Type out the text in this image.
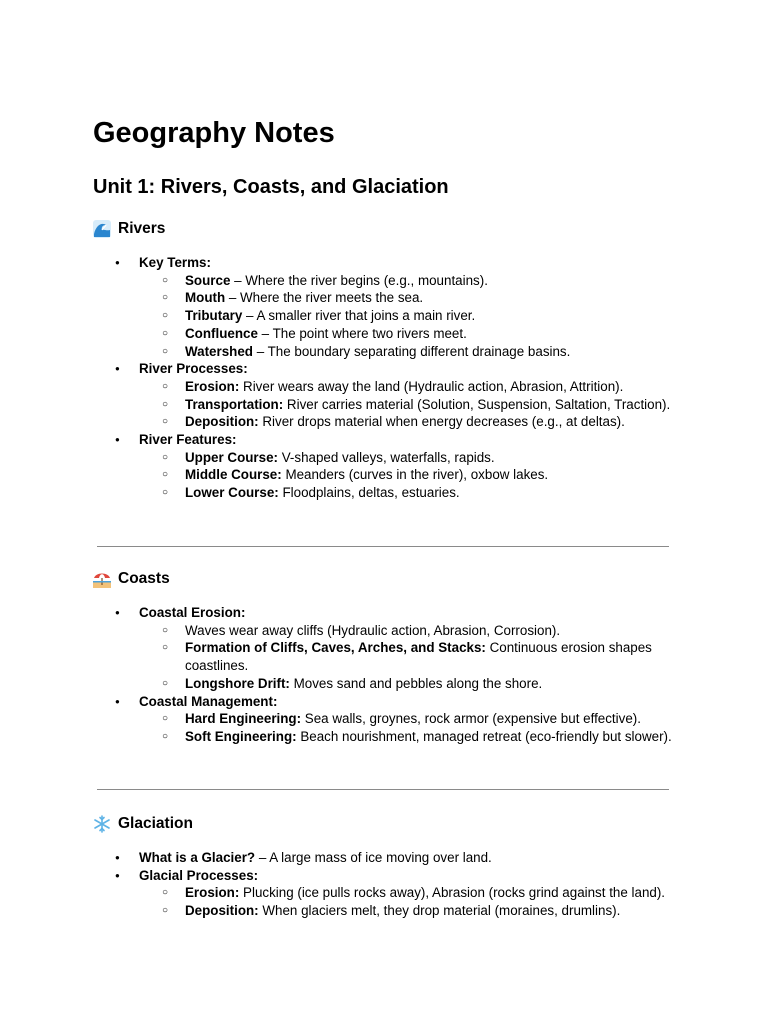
Geography Notes
Unit 1: Rivers, Coasts, and Glaciation
Rivers
● Key Terms:
○ Source – Where the river begins (e.g., mountains).
○ Mouth – Where the river meets the sea.
○ Tributary – A smaller river that joins a main river.
○ Confluence – The point where two rivers meet.
○ Watershed – The boundary separating different drainage basins.
● River Processes:
○ Erosion: River wears away the land (Hydraulic action, Abrasion, Attrition).
○ Transportation: River carries material (Solution, Suspension, Saltation, Traction).
○ Deposition: River drops material when energy decreases (e.g., at deltas).
● River Features:
○ Upper Course: V-shaped valleys, waterfalls, rapids.
○ Middle Course: Meanders (curves in the river), oxbow lakes.
○ Lower Course: Floodplains, deltas, estuaries.
Coasts
● Coastal Erosion:
○ Waves wear away cliffs (Hydraulic action, Abrasion, Corrosion).
○ Formation of Cliffs, Caves, Arches, and Stacks: Continuous erosion shapes coastlines.
○ Longshore Drift: Moves sand and pebbles along the shore.
● Coastal Management:
○ Hard Engineering: Sea walls, groynes, rock armor (expensive but effective).
○ Soft Engineering: Beach nourishment, managed retreat (eco-friendly but slower).
Glaciation
● What is a Glacier? – A large mass of ice moving over land.
● Glacial Processes:
○ Erosion: Plucking (ice pulls rocks away), Abrasion (rocks grind against the land).
○ Deposition: When glaciers melt, they drop material (moraines, drumlins).
